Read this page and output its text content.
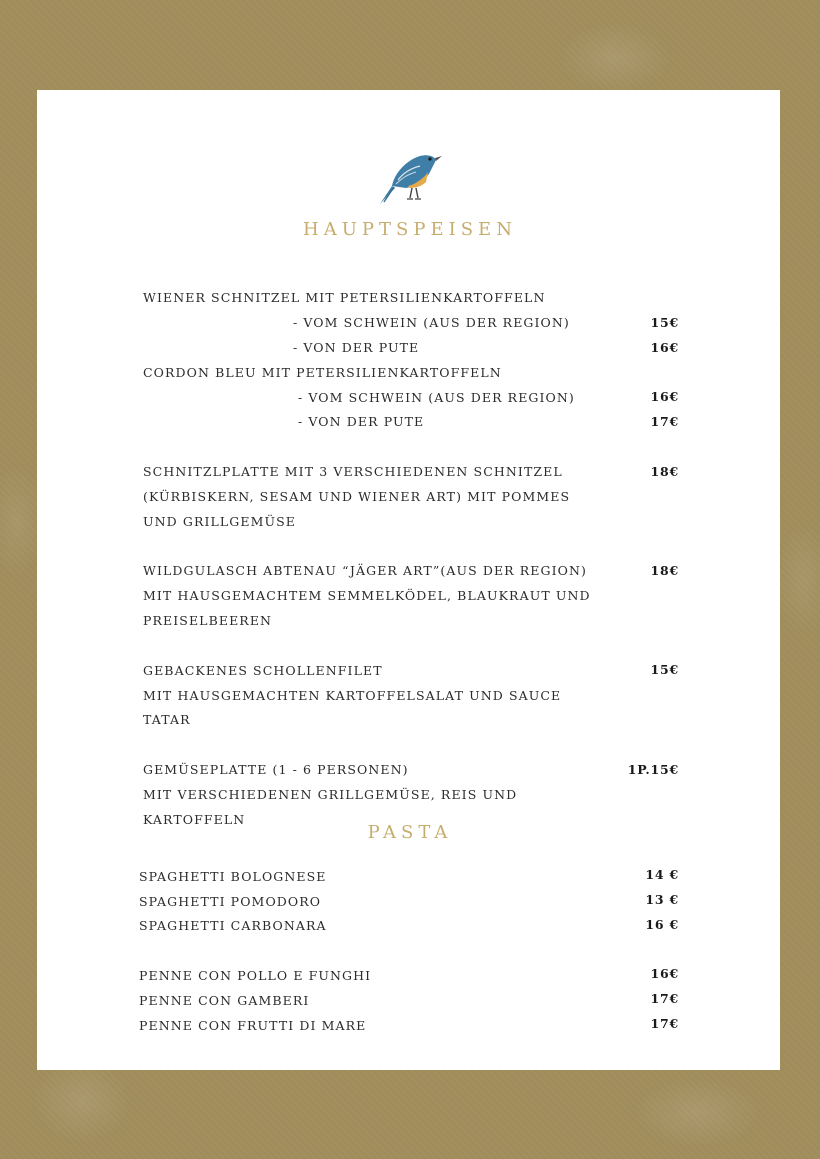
HAUPTSPEISEN
WIENER SCHNITZEL MIT PETERSILIENKARTOFFELN
- VOM SCHWEIN (AUS DER REGION)	15€
- VON DER PUTE	16€
CORDON BLEU MIT PETERSILIENKARTOFFELN
- VOM SCHWEIN (AUS DER REGION)	16€
- VON DER PUTE	17€
SCHNITZLPLATTE MIT 3 VERSCHIEDENEN SCHNITZEL	18€
(KÜRBISKERN, SESAM UND WIENER ART) MIT POMMES
UND GRILLGEMÜSE
WILDGULASCH ABTENAU “JÄGER ART”(AUS DER REGION)	18€
MIT HAUSGEMACHTEM SEMMELKÖDEL, BLAUKRAUT UND
PREISELBEEREN
GEBACKENES SCHOLLENFILET	15€
MIT HAUSGEMACHTEN KARTOFFELSALAT UND SAUCE
TATAR
GEMÜSEPLATTE (1 - 6 PERSONEN)	1P.15€
MIT VERSCHIEDENEN GRILLGEMÜSE, REIS UND
KARTOFFELN
PASTA
SPAGHETTI BOLOGNESE	14 €
SPAGHETTI POMODORO	13 €
SPAGHETTI CARBONARA	16 €
PENNE CON POLLO E FUNGHI	16€
PENNE CON GAMBERI	17€
PENNE CON FRUTTI DI MARE	17€
